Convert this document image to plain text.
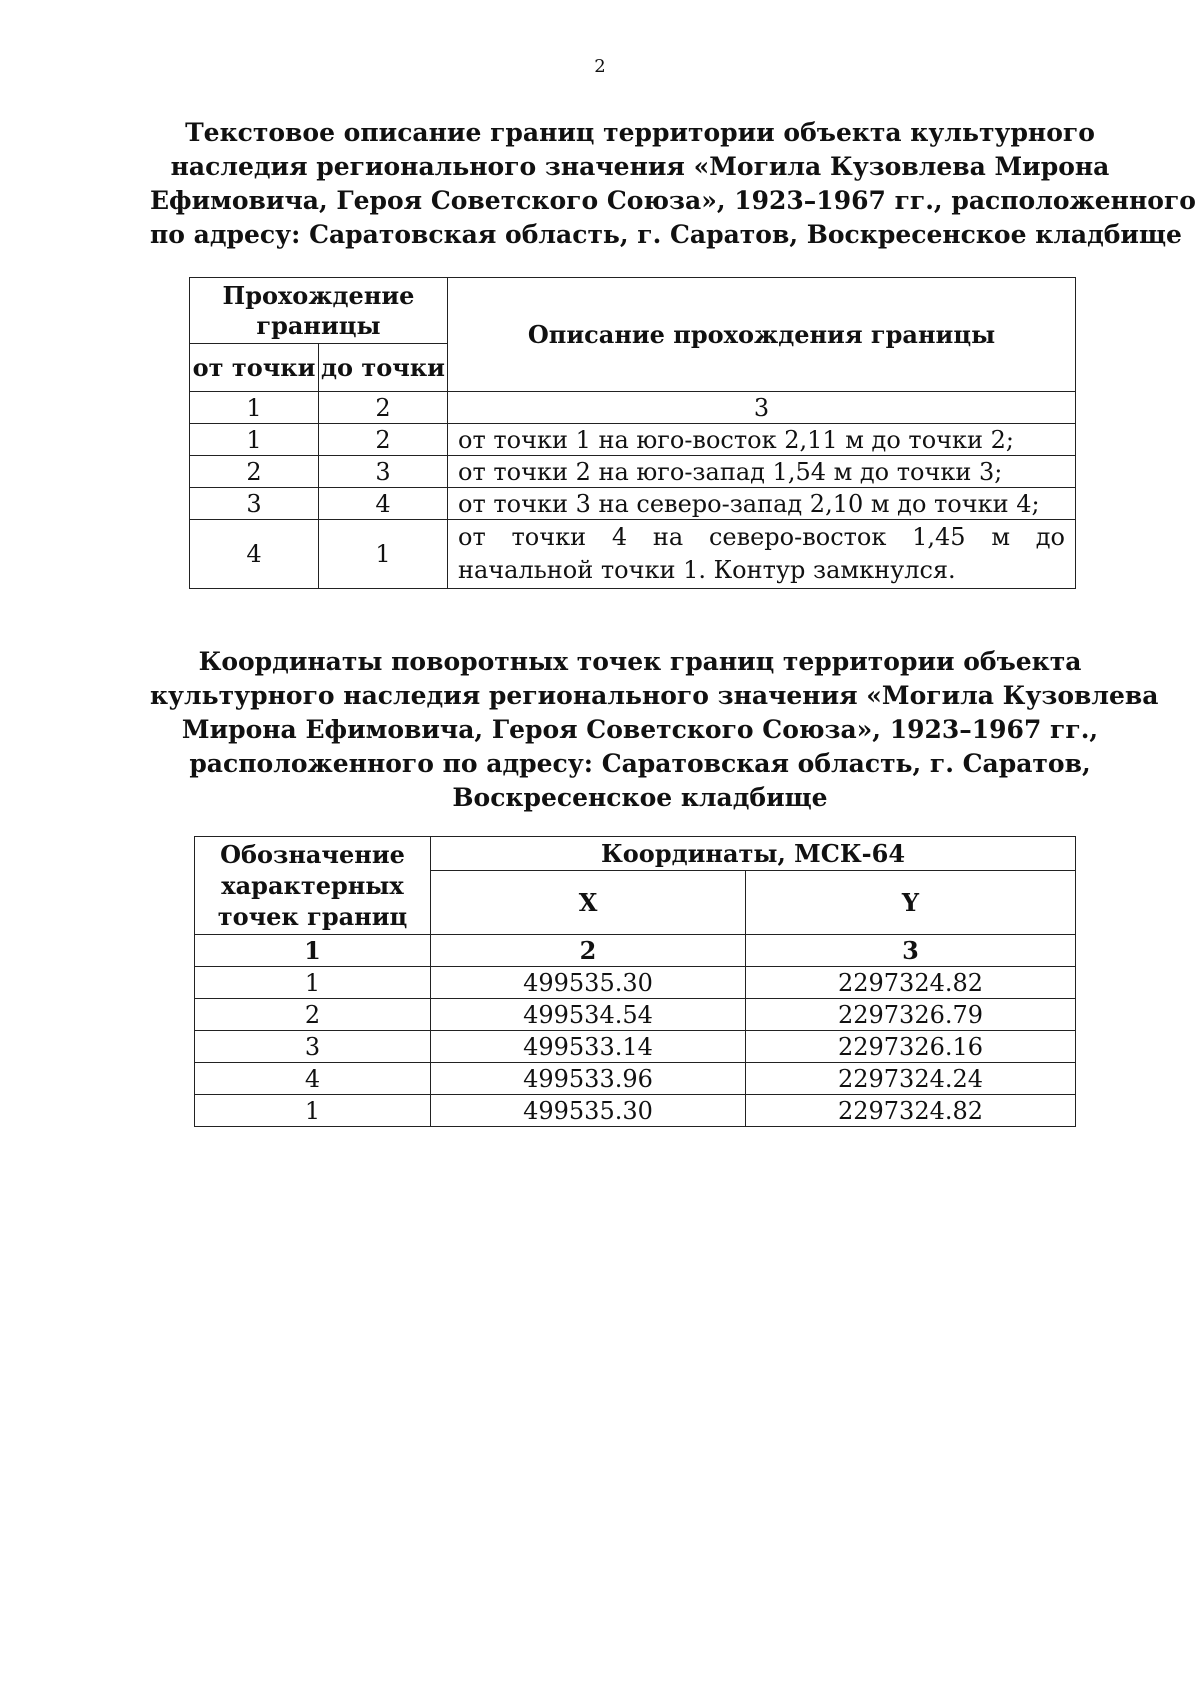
2
Текстовое описание границ территории объекта культурного
наследия регионального значения «Могила Кузовлева Мирона
Ефимовича, Героя Советского Союза», 1923–1967 гг., расположенного
по адресу: Саратовская область, г. Саратов, Воскресенское кладбище
Прохождение границы		Описание прохождения границы
от точки	до точки	
1	2	3
1	2	от точки 1 на юго-восток 2,11 м до точки 2;
2	3	от точки 2 на юго-запад 1,54 м до точки 3;
3	4	от точки 3 на северо-запад 2,10 м до точки 4;
4	1	от точки 4 на северо-восток 1,45 м до начальной точки 1. Контур замкнулся.
Координаты поворотных точек границ территории объекта
культурного наследия регионального значения «Могила Кузовлева
Мирона Ефимовича, Героя Советского Союза», 1923–1967 гг.,
расположенного по адресу: Саратовская область, г. Саратов,
Воскресенское кладбище
Обозначение характерных точек границ	Координаты, МСК-64	
	X	Y
1	2	3
1	499535.30	2297324.82
2	499534.54	2297326.79
3	499533.14	2297326.16
4	499533.96	2297324.24
1	499535.30	2297324.82
